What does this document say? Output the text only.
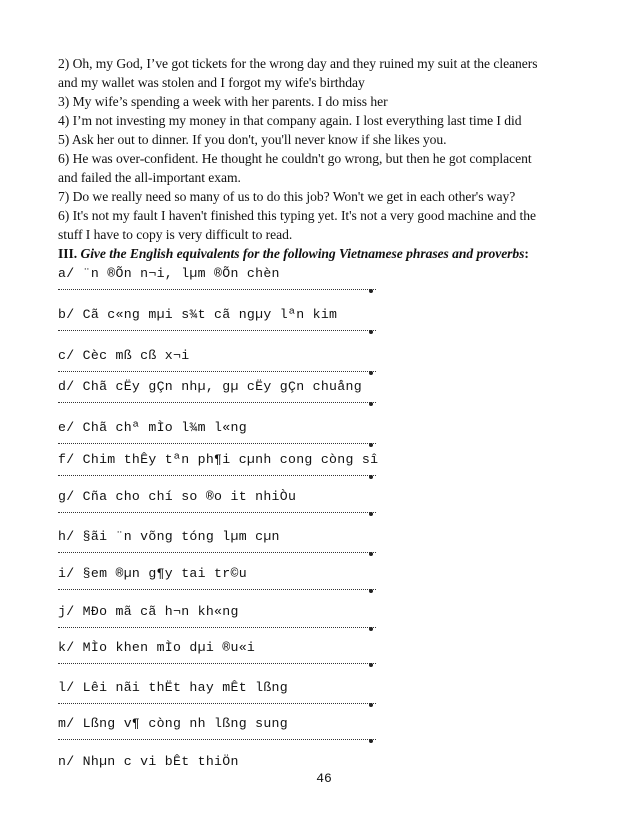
2) Oh, my God, I’ve got tickets for the wrong day and they ruined my suit at the cleaners
and my wallet was stolen and I forgot my wife's birthday
3) My wife’s spending a week with her parents. I do miss her
4) I’m not investing my money in that company again. I lost everything last time I did
5) Ask her out to dinner. If you don't, you'll never know if she likes you.
6) He was over-confident. He thought he couldn't go wrong, but then he got complacent
and failed the all-important exam.
7) Do we really need so many of us to do this job? Won't we get in each other's way?
6) It's not my fault I haven't finished this typing yet. It's not a very good machine and the
stuff I have to copy is very difficult to read.
III. Give the English equivalents for the following Vietnamese phrases and proverbs:
a/ ¨n ®Õn n¬i, lµm ®Õn chèn
b/ Cã c«ng mµi s¾t cã ngµy lªn kim
c/ Cèc mß cß x¬i
d/ Chã cËy gÇn nhµ, gµ cËy gÇn chuång
e/ Chã chª mÌo l¾m l«ng
f/ Chim thÊy tªn ph¶i cµnh cong còng sî
g/ Cña cho chí so ®o it nhiÒu
h/ §ãi ¨n võng tóng lµm cµn
i/ §em ®µn g¶y tai tr©u
j/ MÐo mã cã h¬n kh«ng
k/ MÌo khen mÌo dµi ®u«i
l/ Lêi nãi thËt hay mÊt lßng
m/ Lßng v¶ còng nh lßng sung
n/ Nhµn c vi bÊt thiÖn
46
